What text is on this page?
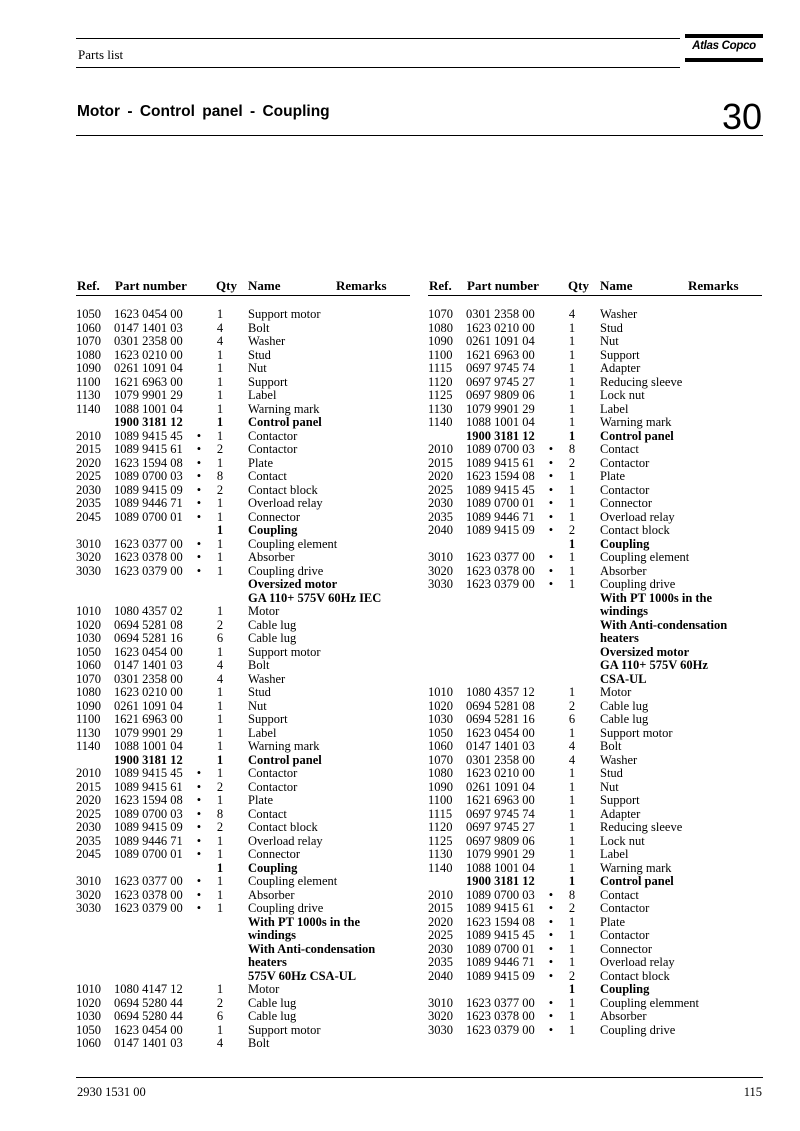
Parts list
Atlas Copco
Motor - Control panel - Coupling	30
Ref. Part number Qty Name	Remarks
1050	1623 0454 00	1 Support motor
1060	0147 1401 03	4 Bolt
1070	0301 2358 00	4 Washer
1080	1623 0210 00	1 Stud
1090	0261 1091 04	1 Nut
1100	1621 6963 00	1 Support
1130	1079 9901 29	1 Label
1140	1088 1001 04	1 Warning mark
1900 3181 12	1 Control panel
2010	1089 9415 45	• 1 Contactor
2015	1089 9415 61	• 2 Contactor
2020	1623 1594 08	• 1 Plate
2025	1089 0700 03	• 8 Contact
2030	1089 9415 09	• 2 Contact block
2035	1089 9446 71	• 1 Overload relay
2045	1089 0700 01	• 1 Connector
1 Coupling
3010	1623 0377 00	• 1 Coupling element
3020	1623 0378 00	• 1 Absorber
3030	1623 0379 00	• 1 Coupling drive
Oversized motor
GA 110+ 575V 60Hz IEC
1010	1080 4357 02	1 Motor
1020	0694 5281 08	2 Cable lug
1030	0694 5281 16	6 Cable lug
1050	1623 0454 00	1 Support motor
1060	0147 1401 03	4 Bolt
1070	0301 2358 00	4 Washer
1080	1623 0210 00	1 Stud
1090	0261 1091 04	1 Nut
1100	1621 6963 00	1 Support
1130	1079 9901 29	1 Label
1140	1088 1001 04	1 Warning mark
1900 3181 12	1 Control panel
2010	1089 9415 45	• 1 Contactor
2015	1089 9415 61	• 2 Contactor
2020	1623 1594 08	• 1 Plate
2025	1089 0700 03	• 8 Contact
2030	1089 9415 09	• 2 Contact block
2035	1089 9446 71	• 1 Overload relay
2045	1089 0700 01	• 1 Connector
1 Coupling
3010	1623 0377 00	• 1 Coupling element
3020	1623 0378 00	• 1 Absorber
3030	1623 0379 00	• 1 Coupling drive
With PT 1000s in the
windings
With Anti-condensation
heaters
575V 60Hz CSA-UL
1010	1080 4147 12	1 Motor
1020	0694 5280 44	2 Cable lug
1030	0694 5280 44	6 Cable lug
1050	1623 0454 00	1 Support motor
1060	0147 1401 03	4 Bolt
Ref. Part number Qty Name	Remarks
1070	0301 2358 00	4 Washer
1080	1623 0210 00	1 Stud
1090	0261 1091 04	1 Nut
1100	1621 6963 00	1 Support
1115	0697 9745 74	1 Adapter
1120	0697 9745 27	1 Reducing sleeve
1125	0697 9809 06	1 Lock nut
1130	1079 9901 29	1 Label
1140	1088 1001 04	1 Warning mark
1900 3181 12	1 Control panel
2010	1089 0700 03	• 8 Contact
2015	1089 9415 61	• 2 Contactor
2020	1623 1594 08	• 1 Plate
2025	1089 9415 45	• 1 Contactor
2030	1089 0700 01	• 1 Connector
2035	1089 9446 71	• 1 Overload relay
2040	1089 9415 09	• 2 Contact block
1 Coupling
3010	1623 0377 00	• 1 Coupling element
3020	1623 0378 00	• 1 Absorber
3030	1623 0379 00	• 1 Coupling drive
With PT 1000s in the
windings
With Anti-condensation
heaters
Oversized motor
GA 110+ 575V 60Hz
CSA-UL
1010	1080 4357 12	1 Motor
1020	0694 5281 08	2 Cable lug
1030	0694 5281 16	6 Cable lug
1050	1623 0454 00	1 Support motor
1060	0147 1401 03	4 Bolt
1070	0301 2358 00	4 Washer
1080	1623 0210 00	1 Stud
1090	0261 1091 04	1 Nut
1100	1621 6963 00	1 Support
1115	0697 9745 74	1 Adapter
1120	0697 9745 27	1 Reducing sleeve
1125	0697 9809 06	1 Lock nut
1130	1079 9901 29	1 Label
1140	1088 1001 04	1 Warning mark
1900 3181 12	1 Control panel
2010	1089 0700 03	• 8 Contact
2015	1089 9415 61	• 2 Contactor
2020	1623 1594 08	• 1 Plate
2025	1089 9415 45	• 1 Contactor
2030	1089 0700 01	• 1 Connector
2035	1089 9446 71	• 1 Overload relay
2040	1089 9415 09	• 2 Contact block
1 Coupling
3010	1623 0377 00	• 1 Coupling elemment
3020	1623 0378 00	• 1 Absorber
3030	1623 0379 00	• 1 Coupling drive
2930 1531 00	115
